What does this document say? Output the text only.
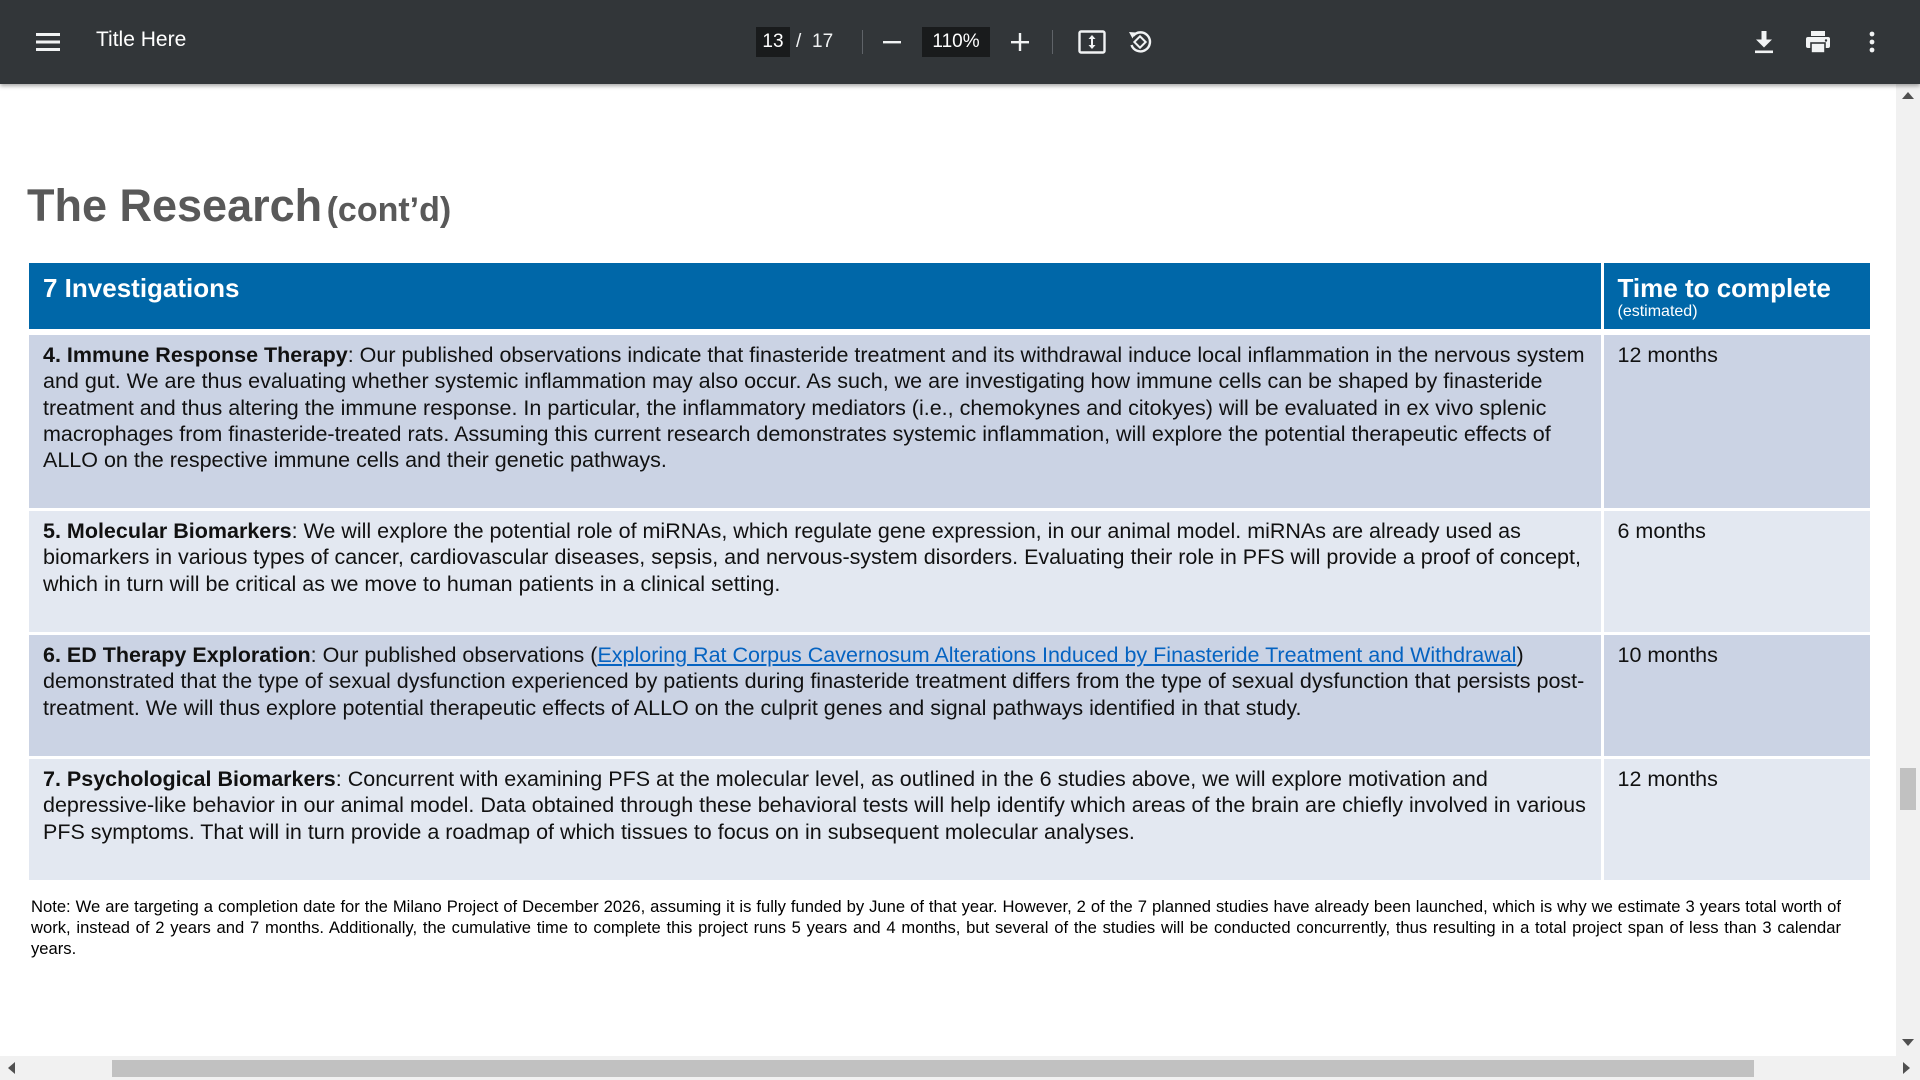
Title Here	13 / 17	110%
The Research (cont’d)
7 Investigations	Time to complete
(estimated)

4. Immune Response Therapy: Our published observations indicate that finasteride treatment and its withdrawal induce local inflammation in the nervous system and gut. We are thus evaluating whether systemic inflammation may also occur. As such, we are investigating how immune cells can be shaped by finasteride treatment and thus altering the immune response. In particular, the inflammatory mediators (i.e., chemokynes and citokyes) will be evaluated in ex vivo splenic macrophages from finasteride-treated rats. Assuming this current research demonstrates systemic inflammation, will explore the potential therapeutic effects of ALLO on the respective immune cells and their genetic pathways.	12 months
5. Molecular Biomarkers: We will explore the potential role of miRNAs, which regulate gene expression, in our animal model. miRNAs are already used as biomarkers in various types of cancer, cardiovascular diseases, sepsis, and nervous-system disorders. Evaluating their role in PFS will provide a proof of concept, which in turn will be critical as we move to human patients in a clinical setting.	6 months
6. ED Therapy Exploration: Our published observations (Exploring Rat Corpus Cavernosum Alterations Induced by Finasteride Treatment and Withdrawal) demonstrated that the type of sexual dysfunction experienced by patients during finasteride treatment differs from the type of sexual dysfunction that persists post-treatment. We will thus explore potential therapeutic effects of ALLO on the culprit genes and signal pathways identified in that study.	10 months
7. Psychological Biomarkers: Concurrent with examining PFS at the molecular level, as outlined in the 6 studies above, we will explore motivation and depressive-like behavior in our animal model. Data obtained through these behavioral tests will help identify which areas of the brain are chiefly involved in various PFS symptoms. That will in turn provide a roadmap of which tissues to focus on in subsequent molecular analyses.	12 months
Note: We are targeting a completion date for the Milano Project of December 2026, assuming it is fully funded by June of that year. However, 2 of the 7 planned studies have already been launched, which is why we estimate 3 years total worth of work, instead of 2 years and 7 months. Additionally, the cumulative time to complete this project runs 5 years and 4 months, but several of the studies will be conducted concurrently, thus resulting in a total project span of less than 3 calendar years.
